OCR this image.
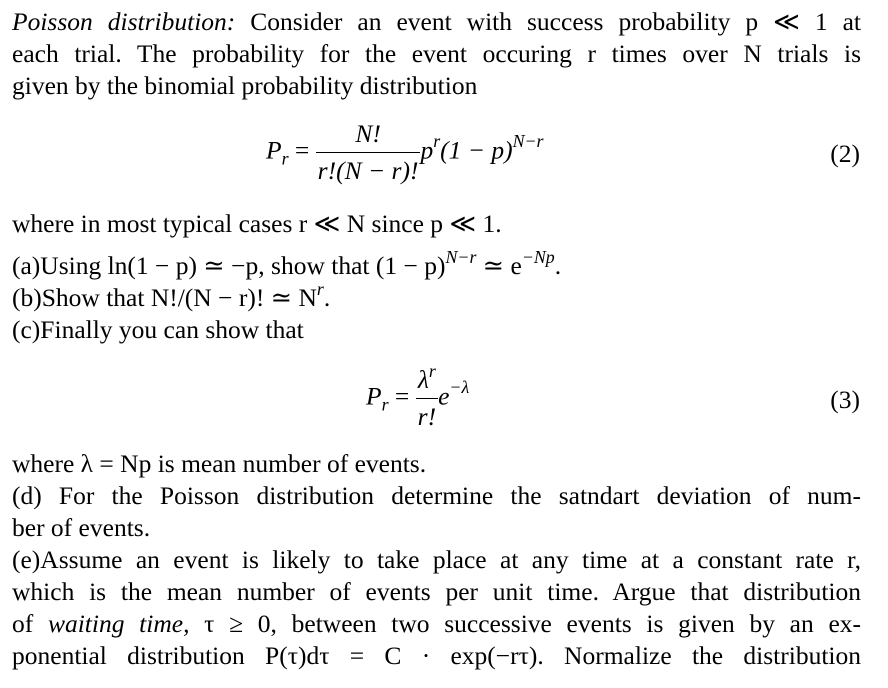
Poisson distribution: Consider an event with success probability p ≪ 1 at
each trial. The probability for the event occuring r times over N trials is
given by the binomial probability distribution
$P_r = \frac{N!}{r!(N - r)!} p^r(1 - p)^{N-r}$	(2)
where in most typical cases r ≪ N since p ≪ 1.
(a)Using ln(1 − p) ≃ −p, show that $(1 - p)^{N-r}$ ≃ $e^{-Np}$.
(b)Show that N!/(N − r)! ≃ $N^r$.
(c)Finally you can show that
$P_r = \frac{\lambda^r}{r!} e^{-\lambda}$	(3)
where λ = Np is mean number of events.
(d) For the Poisson distribution determine the satndart deviation of num-
ber of events.
(e)Assume an event is likely to take place at any time at a constant rate r,
which is the mean number of events per unit time. Argue that distribution
of waiting time, τ ≥ 0, between two successive events is given by an ex-
ponential distribution P(τ)dτ = C · exp(−rτ). Normalize the distribution
